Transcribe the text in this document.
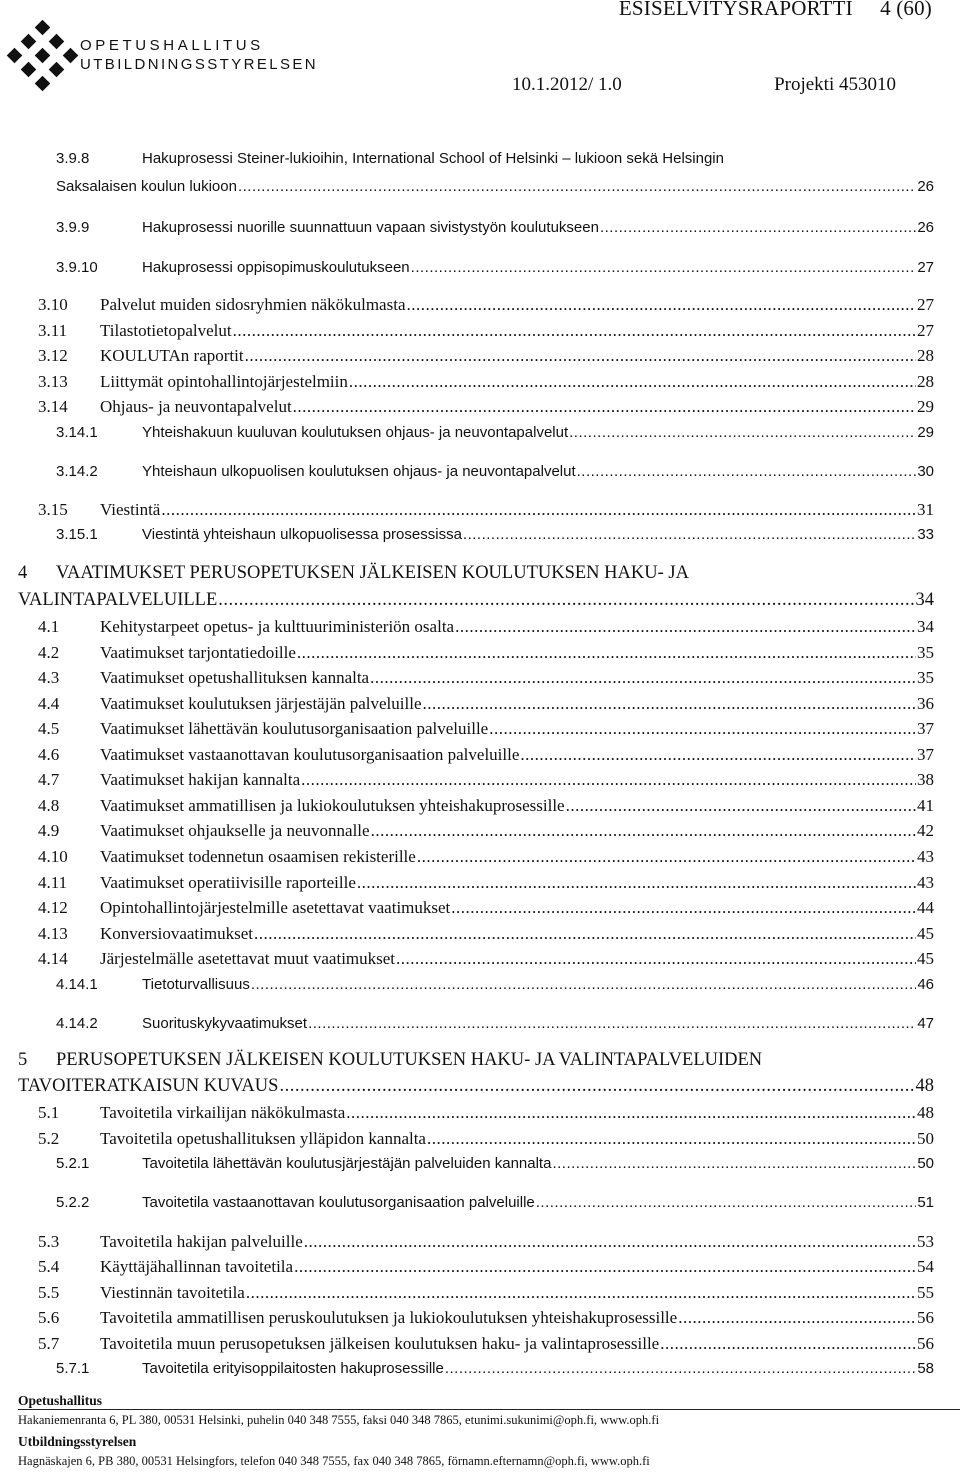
OPETUSHALLITUS
UTBILDNINGSSTYRELSEN
ESISELVITYSRAPORTTI 4 (60)
10.1.2012/ 1.0	Projekti 453010
3.9.8	Hakuprosessi Steiner-lukioihin, International School of Helsinki – lukioon sekä Helsingin
Saksalaisen koulun lukioon .....	26
3.9.9	Hakuprosessi nuorille suunnattuun vapaan sivistystyön koulutukseen .....	26
3.9.10	Hakuprosessi oppisopimuskoulutukseen .....	27
3.10	Palvelut muiden sidosryhmien näkökulmasta .....	27
3.11	Tilastotietopalvelut .....	27
3.12	KOULUTAn raportit .....	28
3.13	Liittymät opintohallintojärjestelmiin .....	28
3.14	Ohjaus- ja neuvontapalvelut .....	29
3.14.1	Yhteishakuun kuuluvan koulutuksen ohjaus- ja neuvontapalvelut .....	29
3.14.2	Yhteishaun ulkopuolisen koulutuksen ohjaus- ja neuvontapalvelut .....	30
3.15	Viestintä .....	31
3.15.1	Viestintä yhteishaun ulkopuolisessa prosessissa .....	33
4 VAATIMUKSET PERUSOPETUKSEN JÄLKEISEN KOULUTUKSEN HAKU- JA
VALINTAPALVELUILLE .....	34
4.1	Kehitystarpeet opetus- ja kulttuuriministeriön osalta .....	34
4.2	Vaatimukset tarjontatiedoille .....	35
4.3	Vaatimukset opetushallituksen kannalta .....	35
4.4	Vaatimukset koulutuksen järjestäjän palveluille .....	36
4.5	Vaatimukset lähettävän koulutusorganisaation palveluille .....	37
4.6	Vaatimukset vastaanottavan koulutusorganisaation palveluille .....	37
4.7	Vaatimukset hakijan kannalta .....	38
4.8	Vaatimukset ammatillisen ja lukiokoulutuksen yhteishakuprosessille .....	41
4.9	Vaatimukset ohjaukselle ja neuvonnalle .....	42
4.10	Vaatimukset todennetun osaamisen rekisterille .....	43
4.11	Vaatimukset operatiivisille raporteille .....	43
4.12	Opintohallintojärjestelmille asetettavat vaatimukset .....	44
4.13	Konversiovaatimukset .....	45
4.14	Järjestelmälle asetettavat muut vaatimukset .....	45
4.14.1	Tietoturvallisuus .....	46
4.14.2	Suorituskykyvaatimukset .....	47
5 PERUSOPETUKSEN JÄLKEISEN KOULUTUKSEN HAKU- JA VALINTAPALVELUIDEN
TAVOITERATKAISUN KUVAUS .....	48
5.1	Tavoitetila virkailijan näkökulmasta .....	48
5.2	Tavoitetila opetushallituksen ylläpidon kannalta .....	50
5.2.1	Tavoitetila lähettävän koulutusjärjestäjän palveluiden kannalta .....	50
5.2.2	Tavoitetila vastaanottavan koulutusorganisaation palveluille .....	51
5.3	Tavoitetila hakijan palveluille .....	53
5.4	Käyttäjähallinnan tavoitetila .....	54
5.5	Viestinnän tavoitetila .....	55
5.6	Tavoitetila ammatillisen peruskoulutuksen ja lukiokoulutuksen yhteishakuprosessille .....	56
5.7	Tavoitetila muun perusopetuksen jälkeisen koulutuksen haku- ja valintaprosessille .....	56
5.7.1	Tavoitetila erityisoppilaitosten hakuprosessille .....	58
Opetushallitus
Hakaniemenranta 6, PL 380, 00531 Helsinki, puhelin 040 348 7555, faksi 040 348 7865, etunimi.sukunimi@oph.fi, www.oph.fi
Utbildningsstyrelsen
Hagnäskajen 6, PB 380, 00531 Helsingfors, telefon 040 348 7555, fax 040 348 7865, förnamn.efternamn@oph.fi, www.oph.fi
